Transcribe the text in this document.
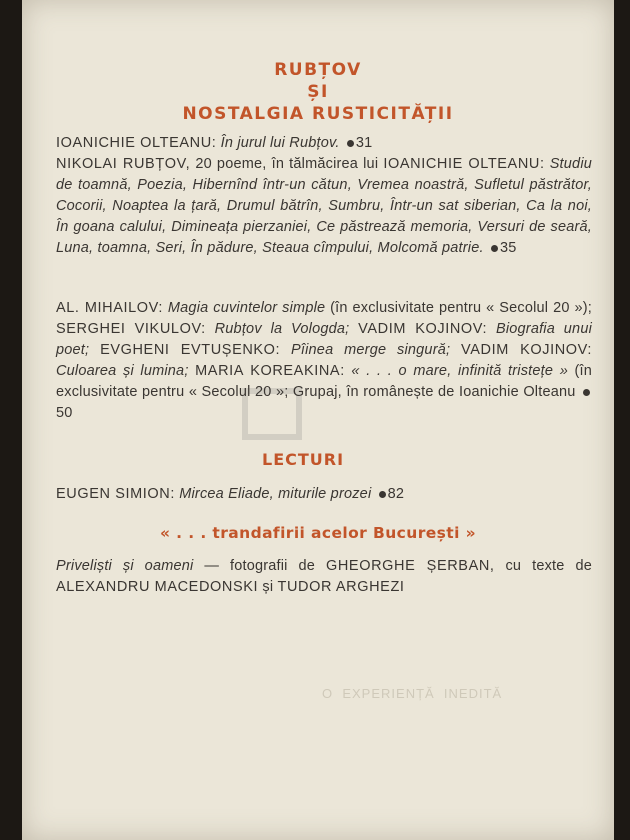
O  EXPERIENȚĂ  INEDITĂ
RUBȚOV
ȘI
NOSTALGIA RUSTICITĂȚII
IOANICHIE OLTEANU: În jurul lui Rubțov. 31
NIKOLAI RUBȚOV, 20 poeme, în tălmăcirea lui IOANICHIE OLTEANU: Studiu de toamnă, Poezia, Hibernînd într-un cătun, Vremea noastră, Sufletul păstrător, Cocorii, Noaptea la țară, Drumul bătrîn, Sumbru, Într-un sat siberian, Ca la noi, În goana calului, Dimineața pierzaniei, Ce păstrează memoria, Versuri de seară, Luna, toamna, Seri, În pădure, Steaua cîmpului, Molcomă patrie. 35
AL. MIHAILOV: Magia cuvintelor simple (în exclusivitate pentru « Secolul 20 »); SERGHEI VIKULOV: Rubțov la Vologda; VADIM KOJINOV: Biografia unui poet; EVGHENI EVTUȘENKO: Pîinea merge singură; VADIM KOJINOV: Culoarea și lumina; MARIA KOREAKINA: « . . . o mare, infinită tristețe » (în exclusivitate pentru « Secolul 20 »; Grupaj, în românește de Ioanichie Olteanu 50
LECTURI
EUGEN SIMION: Mircea Eliade, miturile prozei 82
« . . . trandafirii acelor București »
Priveliști și oameni — fotografii de GHEORGHE ȘERBAN, cu texte de ALEXANDRU MACEDONSKI și TUDOR ARGHEZI
